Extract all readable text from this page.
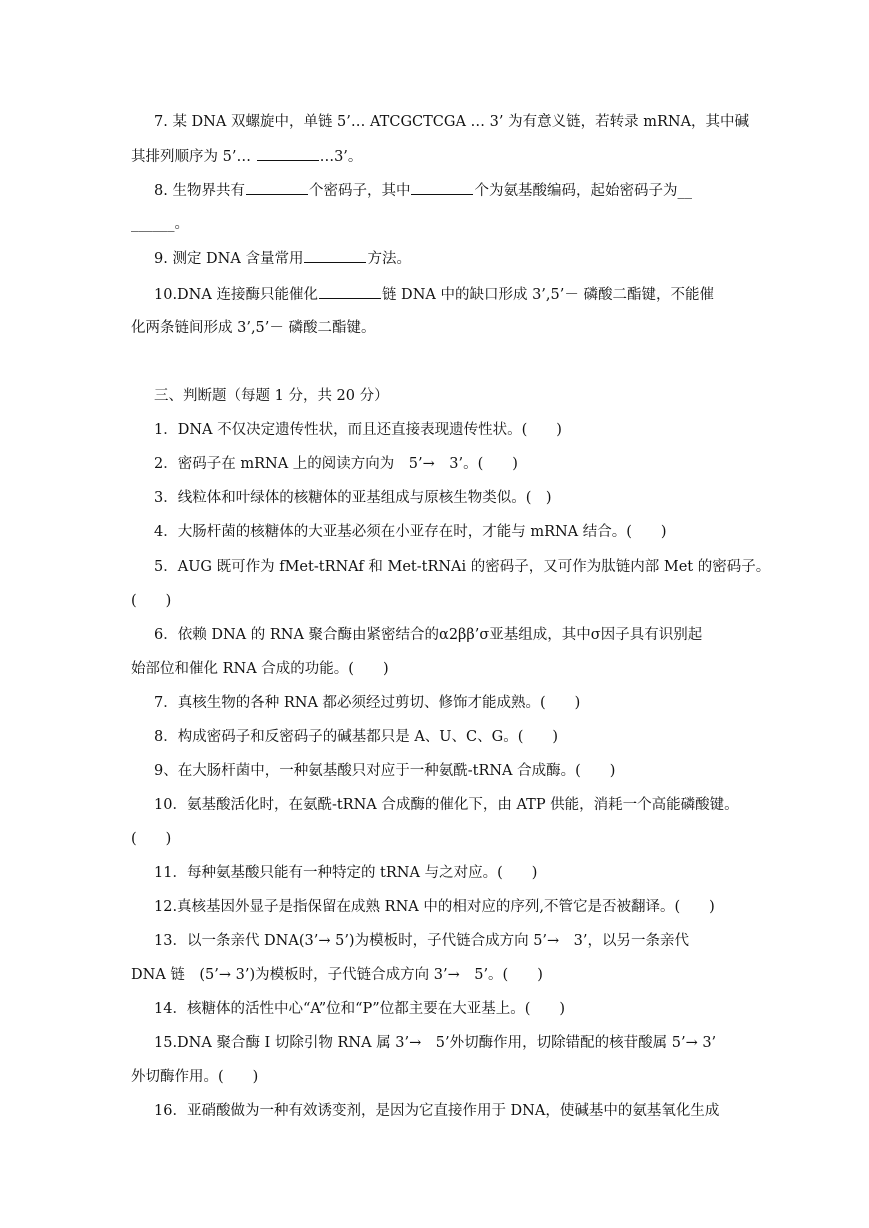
7. 某 DNA 双螺旋中，单链 5’… ATCGCTCGA … 3’ 为有意义链，若转录 mRNA，其中碱
其排列顺序为 5’…	…3’。
8. 生物界共有	个密码子，其中	个为氨基酸编码，起始密码子为__
______。
9. 测定 DNA 含量常用	方法。
10.DNA 连接酶只能催化	链 DNA 中的缺口形成 3’,5’－ 磷酸二酯键，不能催
化两条链间形成 3’,5’－ 磷酸二酯键。
三、判断题（每题 1 分，共 20 分）
1．DNA 不仅决定遗传性状，而且还直接表现遗传性状。(　　)
2．密码子在 mRNA 上的阅读方向为　5’→　3’。(　　)
3．线粒体和叶绿体的核糖体的亚基组成与原核生物类似。(　)
4．大肠杆菌的核糖体的大亚基必须在小亚存在时，才能与 mRNA 结合。(　　)
5．AUG 既可作为 fMet-tRNAf 和 Met-tRNAi 的密码子，又可作为肽链内部 Met 的密码子。
(　　)
6．依赖 DNA 的 RNA 聚合酶由紧密结合的α2ββ’σ亚基组成，其中σ因子具有识别起
始部位和催化 RNA 合成的功能。(　　)
7．真核生物的各种 RNA 都必须经过剪切、修饰才能成熟。(　　)
8．构成密码子和反密码子的碱基都只是 A、U、C、G。(　　)
9、在大肠杆菌中，一种氨基酸只对应于一种氨酰-tRNA 合成酶。(　　)
10．氨基酸活化时，在氨酰-tRNA 合成酶的催化下，由 ATP 供能，消耗一个高能磷酸键。
(　　)
11．每种氨基酸只能有一种特定的 tRNA 与之对应。(　　)
12.真核基因外显子是指保留在成熟 RNA 中的相对应的序列,不管它是否被翻译。(　　)
13．以一条亲代 DNA(3’→ 5’)为模板时，子代链合成方向 5’→　3’，以另一条亲代
DNA 链　(5’→ 3’)为模板时，子代链合成方向 3’→　5’。(　　)
14．核糖体的活性中心“A”位和“P”位都主要在大亚基上。(　　)
15.DNA 聚合酶 I 切除引物 RNA 属 3’→　5’外切酶作用，切除错配的核苷酸属 5’→ 3’
外切酶作用。(　　)
16．亚硝酸做为一种有效诱变剂，是因为它直接作用于 DNA，使碱基中的氨基氧化生成
